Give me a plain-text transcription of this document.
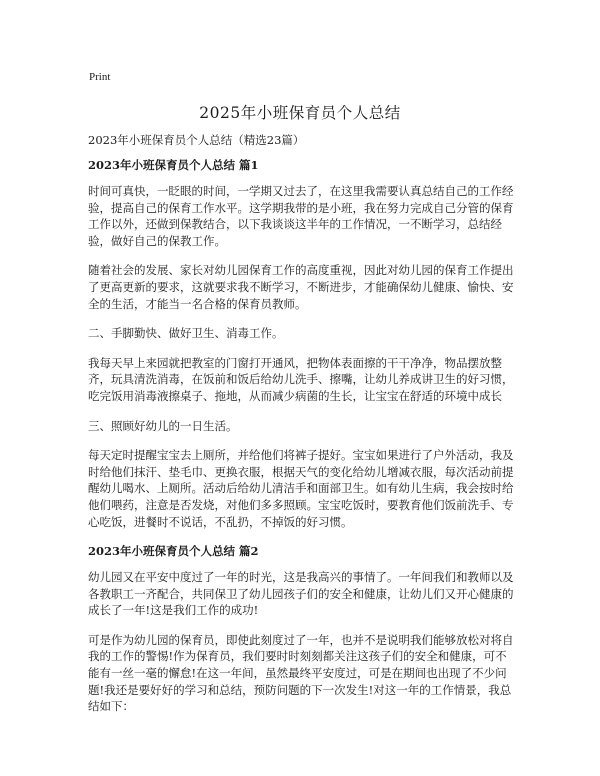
Print
2025年小班保育员个人总结

2023年小班保育员个人总结（精选23篇）

2023年小班保育员个人总结 篇1

时间可真快，一眨眼的时间，一学期又过去了，在这里我需要认真总结自己的工作经验，提高自己的保育工作水平。这学期我带的是小班，我在努力完成自己分管的保育工作以外，还做到保教结合，以下我谈谈这半年的工作情况，一不断学习，总结经验，做好自己的保教工作。

随着社会的发展、家长对幼儿园保育工作的高度重视，因此对幼儿园的保育工作提出了更高更新的要求，这就要求我不断学习，不断进步，才能确保幼儿健康、愉快、安全的生活，才能当一名合格的保育员教师。

二、手脚勤快、做好卫生、消毒工作。

我每天早上来园就把教室的门窗打开通风，把物体表面擦的干干净净，物品摆放整齐，玩具清洗消毒，在饭前和饭后给幼儿洗手、擦嘴，让幼儿养成讲卫生的好习惯，吃完饭用消毒液擦桌子、拖地，从而减少病菌的生长，让宝宝在舒适的环境中成长

三、照顾好幼儿的一日生活。

每天定时提醒宝宝去上厕所，并给他们将裤子提好。宝宝如果进行了户外活动，我及时给他们抹汗、垫毛巾、更换衣服，根据天气的变化给幼儿增减衣服，每次活动前提醒幼儿喝水、上厕所。活动后给幼儿清洁手和面部卫生。如有幼儿生病，我会按时给他们喂药，注意是否发烧，对他们多多照顾。宝宝吃饭时，要教育他们饭前洗手、专心吃饭，进餐时不说话，不乱扔，不掉饭的好习惯。

2023年小班保育员个人总结 篇2

幼儿园又在平安中度过了一年的时光，这是我高兴的事情了。一年间我们和教师以及各教职工一齐配合，共同保卫了幼儿园孩子们的安全和健康，让幼儿们又开心健康的成长了一年!这是我们工作的成功!

可是作为幼儿园的保育员，即使此刻度过了一年，也并不是说明我们能够放松对将自我的工作的警惕!作为保育员，我们要时时刻刻都关注这孩子们的安全和健康，可不能有一丝一毫的懈怠!在这一年间，虽然最终平安度过，可是在期间也出现了不少问题!我还是要好好的学习和总结，预防问题的下一次发生!对这一年的工作情景，我总结如下：
